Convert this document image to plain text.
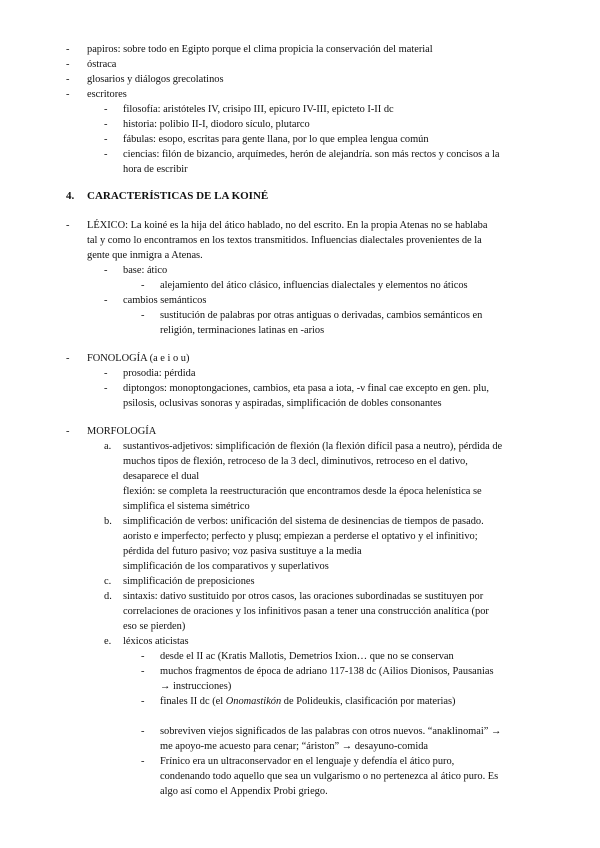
- papiros: sobre todo en Egipto porque el clima propicia la conservación del material
- óstraca
- glosarios y diálogos grecolatinos
- escritores
- filosofía: aristóteles IV, crisipo III, epicuro IV-III, epicteto I-II dc
- historia: polibio II-I, diodoro sículo, plutarco
- fábulas: esopo, escritas para gente llana, por lo que emplea lengua común
- ciencias: filón de bizancio, arquímedes, herón de alejandría. son más rectos y concisos a la
hora de escribir
4. CARACTERÍSTICAS DE LA KOINÉ
- LÉXICO: La koiné es la hija del ático hablado, no del escrito. En la propia Atenas no se hablaba
tal y como lo encontramos en los textos transmitidos. Influencias dialectales provenientes de la
gente que inmigra a Atenas.
- base: ático
- alejamiento del ático clásico, influencias dialectales y elementos no áticos
- cambios semánticos
- sustitución de palabras por otras antiguas o derivadas, cambios semánticos en
religión, terminaciones latinas en -arios
- FONOLOGÍA (a e i o u)
- prosodia: pérdida
- diptongos: monoptongaciones, cambios, eta pasa a iota, -ν final cae excepto en gen. plu,
psilosis, oclusivas sonoras y aspiradas, simplificación de dobles consonantes
- MORFOLOGÍA
a. sustantivos-adjetivos: simplificación de flexión (la flexión difícil pasa a neutro), pérdida de
muchos tipos de flexión, retroceso de la 3 decl, diminutivos, retroceso en el dativo,
desaparece el dual
flexión: se completa la reestructuración que encontramos desde la época helenística se
simplifica el sistema simétrico
b. simplificación de verbos: unificación del sistema de desinencias de tiempos de pasado.
aoristo e imperfecto; perfecto y plusq; empiezan a perderse el optativo y el infinitivo;
pérdida del futuro pasivo; voz pasiva sustituye a la media
simplificación de los comparativos y superlativos
c. simplificación de preposiciones
d. sintaxis: dativo sustituido por otros casos, las oraciones subordinadas se sustituyen por
correlaciones de oraciones y los infinitivos pasan a tener una construcción analítica (por
eso se pierden)
e. léxicos aticistas
- desde el II ac (Kratis Mallotis, Demetrios Ixion… que no se conservan
- muchos fragmentos de época de adriano 117-138 dc (Ailios Dionisos, Pausanias
→ instrucciones)
- finales II dc (el Onomastikón de Polideukis, clasificación por materias)
- sobreviven viejos significados de las palabras con otros nuevos. “anaklinomai” →
me apoyo-me acuesto para cenar; “áriston” → desayuno-comida
- Frínico era un ultraconservador en el lenguaje y defendía el ático puro,
condenando todo aquello que sea un vulgarismo o no pertenezca al ático puro. Es
algo así como el Appendix Probi griego.
